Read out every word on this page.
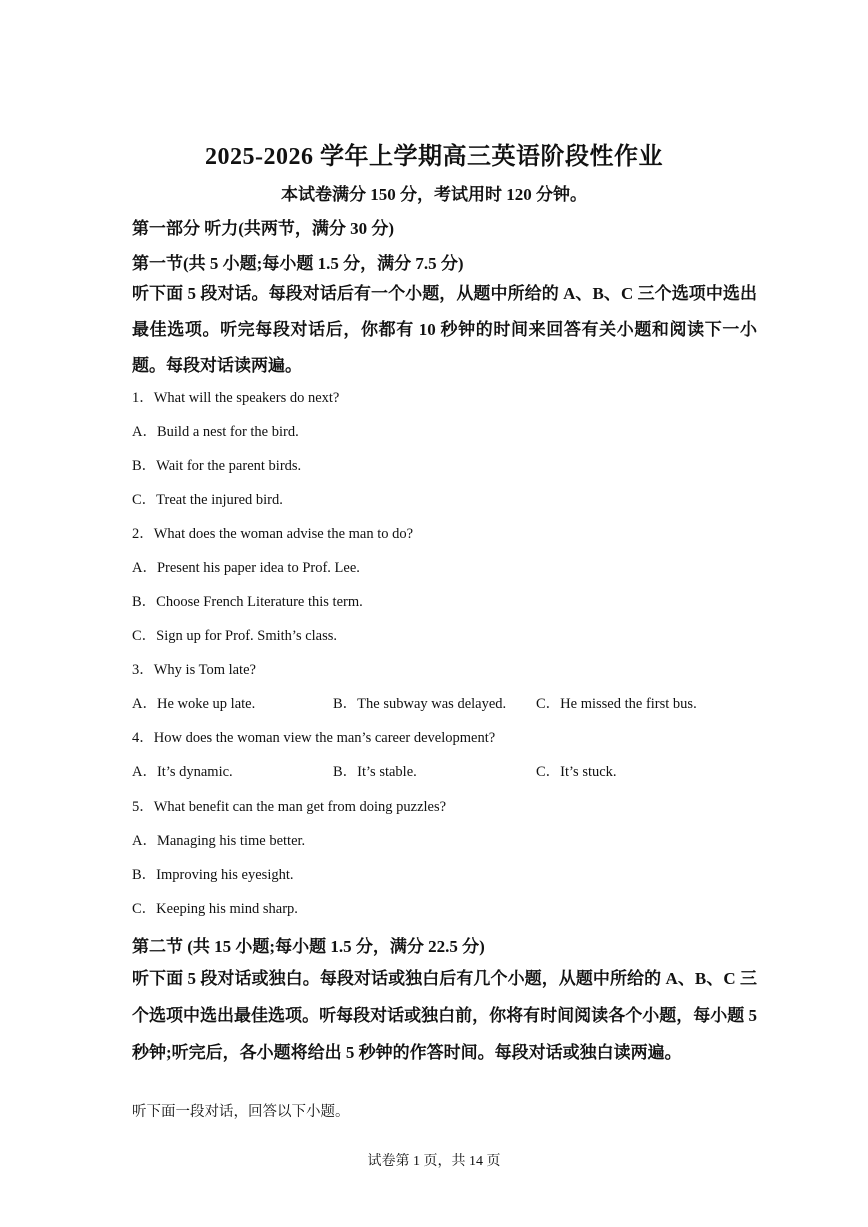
2025-2026 学年上学期高三英语阶段性作业
本试卷满分 150 分，考试用时 120 分钟。
第一部分 听力(共两节，满分 30 分)
第一节(共 5 小题;每小题 1.5 分，满分 7.5 分)
听下面 5 段对话。每段对话后有一个小题，从题中所给的 A、B、C 三个选项中选出最佳选项。听完每段对话后，你都有 10 秒钟的时间来回答有关小题和阅读下一小题。每段对话读两遍。
1．What will the speakers do next?
A．Build a nest for the bird.
B．Wait for the parent birds.
C．Treat the injured bird.
2．What does the woman advise the man to do?
A．Present his paper idea to Prof. Lee.
B．Choose French Literature this term.
C．Sign up for Prof. Smith’s class.
3．Why is Tom late?
A．He woke up late.	B．The subway was delayed. C．He missed the first bus.
4．How does the woman view the man’s career development?
A．It’s dynamic.	B．It’s stable.	C．It’s stuck.
5．What benefit can the man get from doing puzzles?
A．Managing his time better.
B．Improving his eyesight.
C．Keeping his mind sharp.
第二节 (共 15 小题;每小题 1.5 分，满分 22.5 分)
听下面 5 段对话或独白。每段对话或独白后有几个小题，从题中所给的 A、B、C 三个选项中选出最佳选项。听每段对话或独白前，你将有时间阅读各个小题，每小题 5 秒钟;听完后，各小题将给出 5 秒钟的作答时间。每段对话或独白读两遍。
听下面一段对话，回答以下小题。
试卷第 1 页，共 14 页
